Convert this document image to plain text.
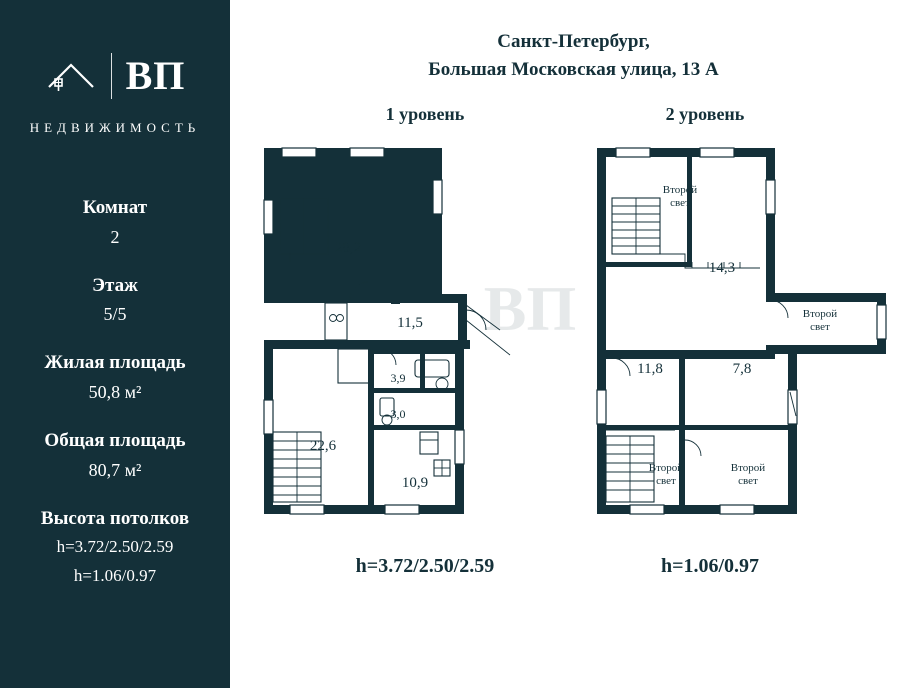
ВП
НЕДВИЖИМОСТЬ
Комнат
2
Этаж
5/5
Жилая площадь
50,8 м²
Общая площадь
80,7 м²
Высота потолков
h=3.72/2.50/2.59
h=1.06/0.97
Санкт-Петербург,
Большая Московская улица, 13 А
1 уровень	2 уровень
ВП
28,2
11,5
3,9
3,0
22,6
10,9
14,3
11,8	7,8
Второй
свет
Второй
свет
Второй
свет
Второй
свет
h=3.72/2.50/2.59	h=1.06/0.97
